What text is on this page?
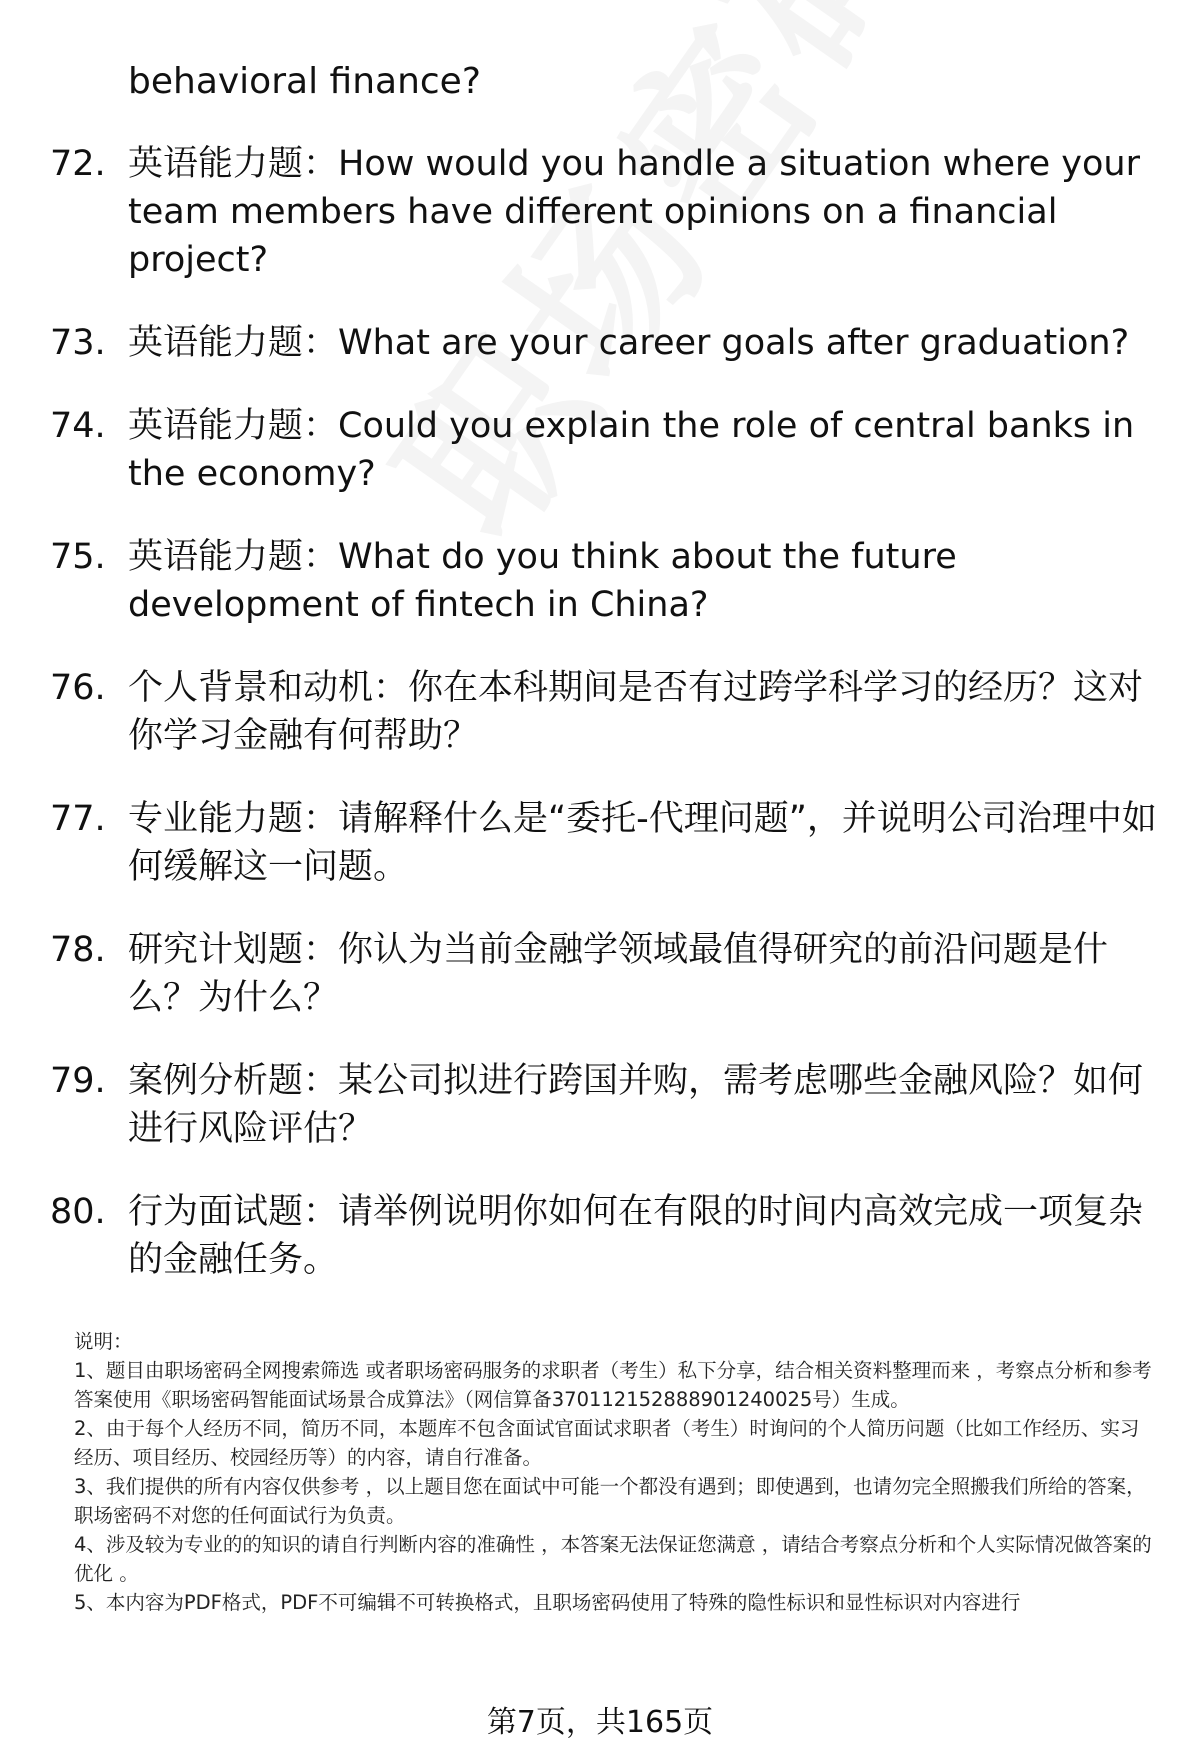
behavioral finance?
72. 英语能力题：How would you handle a situation where your team members have different opinions on a financial project?
73. 英语能力题：What are your career goals after graduation?
74. 英语能力题：Could you explain the role of central banks in the economy?
75. 英语能力题：What do you think about the future development of fintech in China?
76. 个人背景和动机：你在本科期间是否有过跨学科学习的经历？这对你学习金融有何帮助？
77. 专业能力题：请解释什么是“委托-代理问题”，并说明公司治理中如何缓解这一问题。
78. 研究计划题：你认为当前金融学领域最值得研究的前沿问题是什么？为什么？
79. 案例分析题：某公司拟进行跨国并购，需考虑哪些金融风险？如何进行风险评估？
80. 行为面试题：请举例说明你如何在有限的时间内高效完成一项复杂的金融任务。

说明：

1、题目由职场密码全网搜索筛选 或者职场密码服务的求职者（考生）私下分享，结合相关资料整理而来 ，考察点分析和参考答案使用《职场密码智能面试场景合成算法》（网信算备370112152888901240025号）生成。

2、由于每个人经历不同，简历不同，本题库不包含面试官面试求职者（考生）时询问的个人简历问题（比如工作经历、实习经历、项目经历、校园经历等）的内容，请自行准备。

3、我们提供的所有内容仅供参考 ，以上题目您在面试中可能一个都没有遇到；即使遇到，也请勿完全照搬我们所给的答案，职场密码不对您的任何面试行为负责。

4、涉及较为专业的的知识的请自行判断内容的准确性 ，本答案无法保证您满意 ，请结合考察点分析和个人实际情况做答案的优化 。

5、本内容为PDF格式，PDF不可编辑不可转换格式，且职场密码使用了特殊的隐性标识和显性标识对内容进行

第7页，共165页
